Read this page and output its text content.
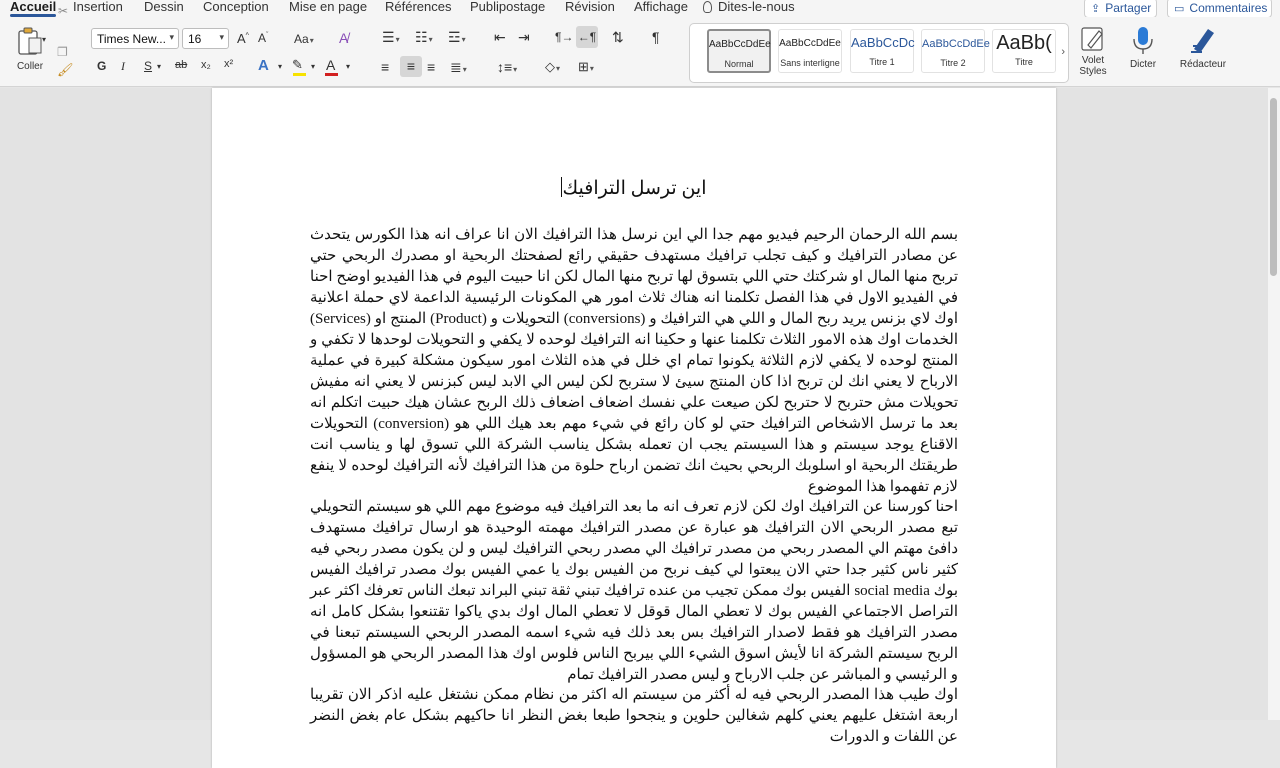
Accueil Insertion Dessin Conception Mise en page Références Publipostage Révision Affichage Dites-le-nous	⇪ Partager ▭ Commentaires
Coller
▾
✂
❐
🖌
Times New... ▾	16 ▾ A^ $A^ˇ$ Aa▾ A̸
G I S ▾ ab x₂ x² A ▾ ✎ ▾ A ▾
☰▾ ☷▾ ☲▾ ⇤ ⇥ ¶→ ←¶ ⇅ ¶
≡	≡ ≡ ≣▾ ↕≡▾ ◇▾ ⊞▾
AaBbCcDdEe
Normal
AaBbCcDdEe
Sans interligne
AaBbCcDc
Titre 1
AaBbCcDdEe
Titre 2
AaBb(
Titre
›
Volet Styles
Dicter	Rédacteur
اين ترسل الترافيك

بسم الله الرحمان الرحيم فيديو مهم جدا الي اين نرسل هذا الترافيك الان انا عراف انه هذا الكورس يتحدث عن مصادر الترافيك و كيف تجلب ترافيك مستهدف حقيقي رائع لصفحتك الربحية او مصدرك الربحي حتي تربح منها المال او شركتك حتي اللي بتسوق لها تربح منها المال لكن انا حبيت اليوم في هذا الفيديو اوضح احنا في الفيديو الاول في هذا الفصل تكلمنا انه هناك ثلاث امور هي المكونات الرئيسية الداعمة لاي حملة اعلانية اوك لاي بزنس يريد ربح المال و اللي هي الترافيك و (conversions) التحويلات و (Product) المنتج او (Services) الخدمات اوك هذه الامور الثلاث تكلمنا عنها و حكينا انه الترافيك لوحده لا يكفي و التحويلات لوحدها لا تكفي و المنتج لوحده لا يكفي لازم الثلاثة يكونوا تمام اي خلل في هذه الثلاث امور سيكون مشكلة كبيرة في عملية الارباح لا يعني انك لن تربح اذا كان المنتج سيئ لا ستربح لكن ليس الي الابد ليس كبزنس لا يعني انه مفيش تحويلات مش حتربح لا حتربح لكن صيعت علي نفسك اضعاف اضعاف ذلك الربح عشان هيك حبيت اتكلم انه بعد ما ترسل الاشخاص الترافيك حتي لو كان رائع في شيء مهم بعد هيك اللي هو (conversion) التحويلات الاقناع يوجد سيستم و هذا السيستم يجب ان تعمله بشكل يناسب الشركة اللي تسوق لها و يناسب انت طريقتك الربحية او اسلوبك الربحي بحيث انك تضمن ارباح حلوة من هذا الترافيك لأنه الترافيك لوحده لا ينفع لازم تفهموا هذا الموضوع

احنا كورسنا عن الترافيك اوك لكن لازم تعرف انه ما بعد الترافيك فيه موضوع مهم اللي هو سيستم التحويلي تبع مصدر الربحي الان الترافيك هو عبارة عن مصدر الترافيك مهمته الوحيدة هو ارسال ترافيك مستهدف دافئ مهتم الي المصدر ربحي من مصدر ترافيك الي مصدر ربحي الترافيك ليس و لن يكون مصدر ربحي فيه كثير ناس كثير جدا حتي الان يبعتوا لي كيف نربح من الفيس بوك يا عمي الفيس بوك مصدر ترافيك الفيس بوك social media الفيس بوك ممكن تجيب من عنده ترافيك تبني ثقة تبني البراند تبعك الناس تعرفك اكثر عبر التراصل الاجتماعي الفيس بوك لا تعطي المال قوقل لا تعطي المال اوك بدي ياكوا تقتنعوا بشكل كامل انه مصدر الترافيك هو فقط لاصدار الترافيك بس بعد ذلك فيه شيء اسمه المصدر الربحي السيستم تبعنا في الربح سيستم الشركة انا لأيش اسوق الشيء اللي بيربح الناس فلوس اوك هذا المصدر الربحي هو المسؤول و الرئيسي و المباشر عن جلب الارباح و ليس مصدر الترافيك تمام

اوك طيب هذا المصدر الربحي فيه له أكثر من سيستم اله اكثر من نظام ممكن نشتغل عليه اذكر الان تقريبا اربعة اشتغل عليهم يعني كلهم شغالين حلوين و ينجحوا طبعا بغض النظر انا حاكيهم بشكل عام بغض النضر عن اللفات و الدورات
